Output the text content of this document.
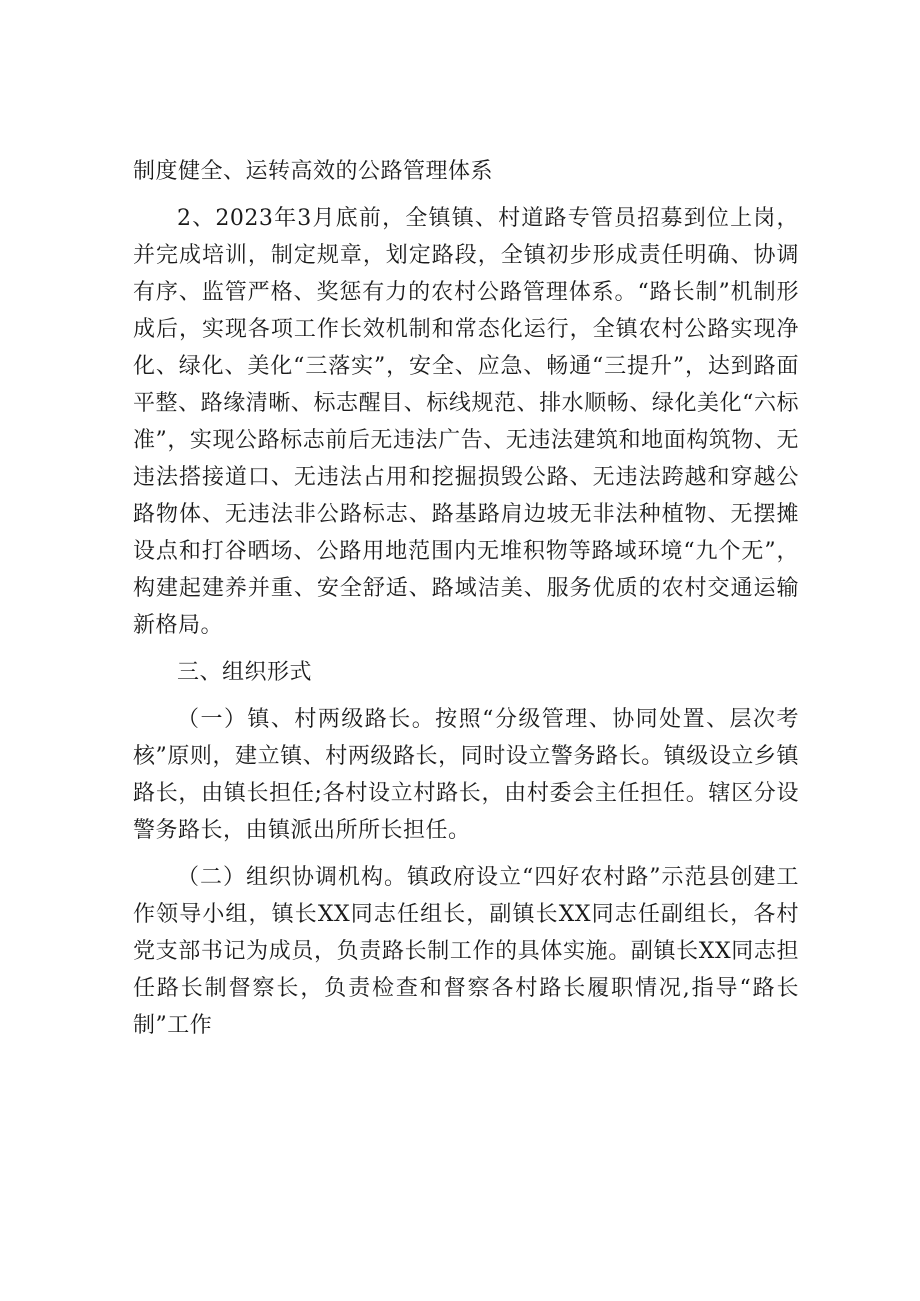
制度健全、运转高效的公路管理体系

2、2023年3月底前，全镇镇、村道路专管员招募到位上岗，并完成培训，制定规章，划定路段，全镇初步形成责任明确、协调有序、监管严格、奖惩有力的农村公路管理体系。“路长制”机制形成后，实现各项工作长效机制和常态化运行，全镇农村公路实现净化、绿化、美化“三落实”，安全、应急、畅通“三提升”，达到路面平整、路缘清晰、标志醒目、标线规范、排水顺畅、绿化美化“六标准”，实现公路标志前后无违法广告、无违法建筑和地面构筑物、无违法搭接道口、无违法占用和挖掘损毁公路、无违法跨越和穿越公路物体、无违法非公路标志、路基路肩边坡无非法种植物、无摆摊设点和打谷晒场、公路用地范围内无堆积物等路域环境“九个无”，构建起建养并重、安全舒适、路域洁美、服务优质的农村交通运输新格局。

三、组织形式

（一）镇、村两级路长。按照“分级管理、协同处置、层次考核”原则，建立镇、村两级路长，同时设立警务路长。镇级设立乡镇路长，由镇长担任;各村设立村路长，由村委会主任担任。辖区分设警务路长，由镇派出所所长担任。

（二）组织协调机构。镇政府设立“四好农村路”示范县创建工作领导小组，镇长XX同志任组长，副镇长XX同志任副组长，各村党支部书记为成员，负责路长制工作的具体实施。副镇长XX同志担任路长制督察长，负责检查和督察各村路长履职情况,指导“路长制”工作
